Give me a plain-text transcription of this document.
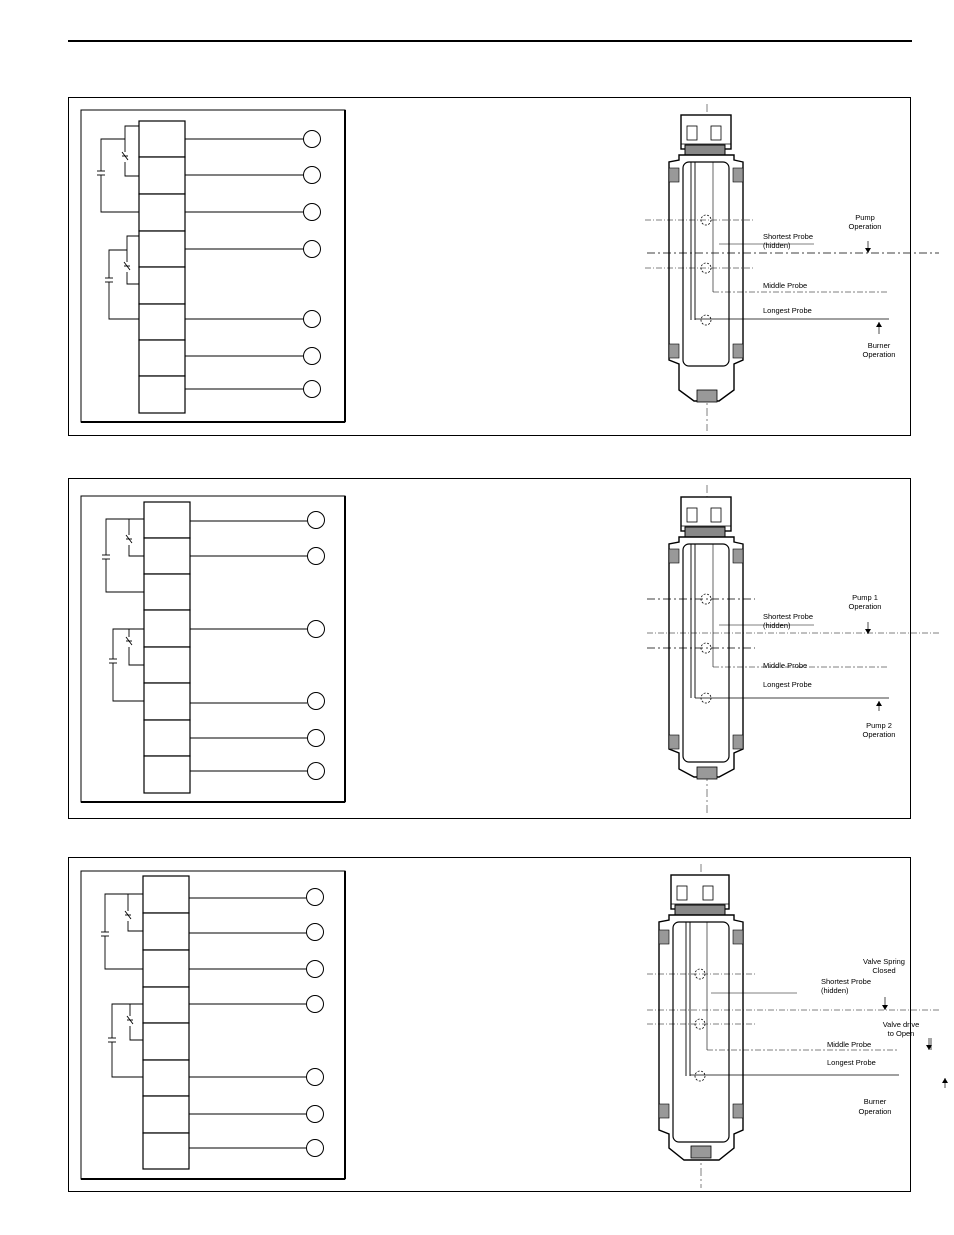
Shortest Probe
(hidden)
Middle Probe
Longest Probe
Pump
Operation
Burner
Operation
Shortest Probe
(hidden)
Middle Probe
Longest Probe
Pump 1
Operation
Pump 2
Operation
Shortest Probe
(hidden)
Middle Probe
Longest Probe
Valve Spring
Closed
Valve drive
to Open
Burner
Operation
